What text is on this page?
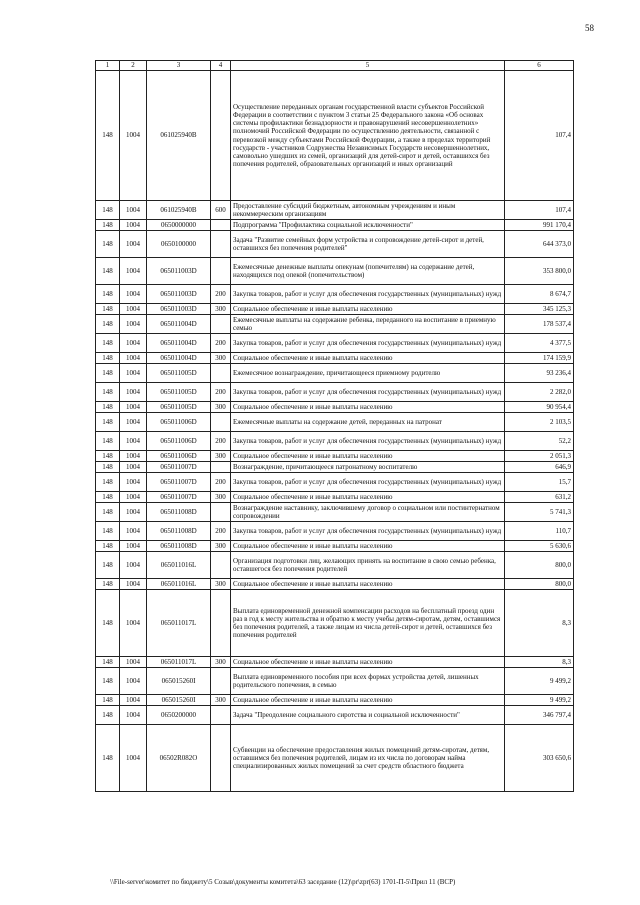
58
1	2	3	4	5	6
148	1004	061025940B		Осуществление переданных органам государственной власти субъектов Российской Федерации в соответствии с пунктом 3 статьи 25 Федерального закона «Об основах системы профилактики безнадзорности и правонарушений несовершеннолетних» полномочий Российской Федерации по осуществлению деятельности, связанной с перевозкой между субъектами Российской Федерации, а также в пределах территорий государств - участников Содружества Независимых Государств несовершеннолетних, самовольно ушедших из семей, организаций для детей-сирот и детей, оставшихся без попечения родителей, образовательных организаций и иных организаций	107,4
148	1004	061025940B	600	Предоставление субсидий бюджетным, автономным учреждениям и иным некоммерческим организациям	107,4
148	1004	0650000000		Подпрограмма "Профилактика социальной исключенности"	991 170,4
148	1004	0650100000		Задача "Развитие семейных форм устройства и сопровождение детей-сирот и детей, оставшихся без попечения родителей"	644 373,0
148	1004	065011003D		Ежемесячные денежные выплаты опекунам (попечителям) на содержание детей, находящихся под опекой (попечительством)	353 800,0
148	1004	065011003D	200	Закупка товаров, работ и услуг для обеспечения государственных (муниципальных) нужд	8 674,7
148	1004	065011003D	300	Социальное обеспечение и иные выплаты населению	345 125,3
148	1004	065011004D		Ежемесячные выплаты на содержание ребенка, переданного на воспитание в приемную семью	178 537,4
148	1004	065011004D	200	Закупка товаров, работ и услуг для обеспечения государственных (муниципальных) нужд	4 377,5
148	1004	065011004D	300	Социальное обеспечение и иные выплаты населению	174 159,9
148	1004	065011005D		Ежемесячное вознаграждение, причитающееся приемному родителю	93 236,4
148	1004	065011005D	200	Закупка товаров, работ и услуг для обеспечения государственных (муниципальных) нужд	2 282,0
148	1004	065011005D	300	Социальное обеспечение и иные выплаты населению	90 954,4
148	1004	065011006D		Ежемесячные выплаты на содержание детей, переданных на патронат	2 103,5
148	1004	065011006D	200	Закупка товаров, работ и услуг для обеспечения государственных (муниципальных) нужд	52,2
148	1004	065011006D	300	Социальное обеспечение и иные выплаты населению	2 051,3
148	1004	065011007D		Вознаграждение, причитающееся патронатному воспитателю	646,9
148	1004	065011007D	200	Закупка товаров, работ и услуг для обеспечения государственных (муниципальных) нужд	15,7
148	1004	065011007D	300	Социальное обеспечение и иные выплаты населению	631,2
148	1004	065011008D		Вознаграждение наставнику, заключившему договор о социальном или постинтернатном сопровождении	5 741,3
148	1004	065011008D	200	Закупка товаров, работ и услуг для обеспечения государственных (муниципальных) нужд	110,7
148	1004	065011008D	300	Социальное обеспечение и иные выплаты населению	5 630,6
148	1004	065011016L		Организация подготовки лиц, желающих принять на воспитание в свою семью ребенка, оставшегося без попечения родителей	800,0
148	1004	065011016L	300	Социальное обеспечение и иные выплаты населению	800,0
148	1004	065011017L		Выплата единовременной денежной компенсации расходов на бесплатный проезд один раз в год к месту жительства и обратно к месту учебы детям-сиротам, детям, оставшимся без попечения родителей, а также лицам из числа детей-сирот и детей, оставшихся без попечения родителей	8,3
148	1004	065011017L	300	Социальное обеспечение и иные выплаты населению	8,3
148	1004	065015260I		Выплата единовременного пособия при всех формах устройства детей, лишенных родительского попечения, в семью	9 499,2
148	1004	065015260I	300	Социальное обеспечение и иные выплаты населению	9 499,2
148	1004	0650200000		Задача "Преодоление социального сиротства и социальной исключенности"	346 797,4
148	1004	06502R082O		Субвенции на обеспечение предоставления жилых помещений детям-сиротам, детям, оставшимся без попечения родителей, лицам из их числа по договорам найма специализированных жилых помещений за счет средств областного бюджета	303 650,6
\\File-server\комитет по бюджету\5 Созыв\документы комитета\63 заседание (12)\pr\zpr(63) 1701-П-5\Прил 11 (ВСР)
